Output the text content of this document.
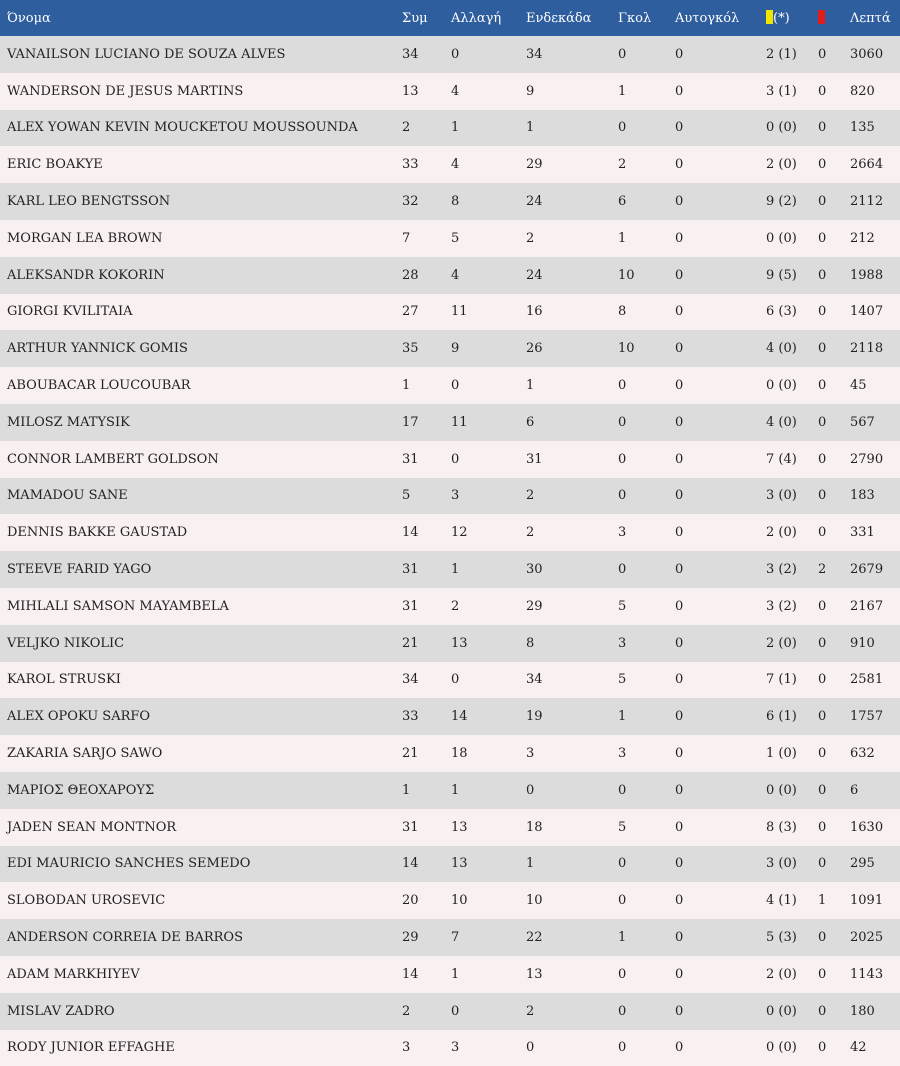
Όνομα	Συμ	Αλλαγή	Ενδεκάδα	Γκολ	Αυτογκόλ	(*)		Λεπτά
VANAILSON LUCIANO DE SOUZA ALVES	34	0	34	0	0	2 (1)	0	3060
WANDERSON DE JESUS MARTINS	13	4	9	1	0	3 (1)	0	820
ALEX YOWAN KEVIN MOUCKETOU MOUSSOUNDA	2	1	1	0	0	0 (0)	0	135
ERIC BOAKYE	33	4	29	2	0	2 (0)	0	2664
KARL LEO BENGTSSON	32	8	24	6	0	9 (2)	0	2112
MORGAN LEA BROWN	7	5	2	1	0	0 (0)	0	212
ALEKSANDR KOKORIN	28	4	24	10	0	9 (5)	0	1988
GIORGI KVILITAIA	27	11	16	8	0	6 (3)	0	1407
ARTHUR YANNICK GOMIS	35	9	26	10	0	4 (0)	0	2118
ABOUBACAR LOUCOUBAR	1	0	1	0	0	0 (0)	0	45
MILOSZ MATYSIK	17	11	6	0	0	4 (0)	0	567
CONNOR LAMBERT GOLDSON	31	0	31	0	0	7 (4)	0	2790
MAMADOU SANE	5	3	2	0	0	3 (0)	0	183
DENNIS BAKKE GAUSTAD	14	12	2	3	0	2 (0)	0	331
STEEVE FARID YAGO	31	1	30	0	0	3 (2)	2	2679
MIHLALI SAMSON MAYAMBELA	31	2	29	5	0	3 (2)	0	2167
VELJKO NIKOLIC	21	13	8	3	0	2 (0)	0	910
KAROL STRUSKI	34	0	34	5	0	7 (1)	0	2581
ALEX OPOKU SARFO	33	14	19	1	0	6 (1)	0	1757
ZAKARIA SARJO SAWO	21	18	3	3	0	1 (0)	0	632
ΜΑΡΙΟΣ ΘΕΟΧΑΡΟΥΣ	1	1	0	0	0	0 (0)	0	6
JADEN SEAN MONTNOR	31	13	18	5	0	8 (3)	0	1630
EDI MAURICIO SANCHES SEMEDO	14	13	1	0	0	3 (0)	0	295
SLOBODAN UROSEVIC	20	10	10	0	0	4 (1)	1	1091
ANDERSON CORREIA DE BARROS	29	7	22	1	0	5 (3)	0	2025
ADAM MARKHIYEV	14	1	13	0	0	2 (0)	0	1143
MISLAV ZADRO	2	0	2	0	0	0 (0)	0	180
RODY JUNIOR EFFAGHE	3	3	0	0	0	0 (0)	0	42
